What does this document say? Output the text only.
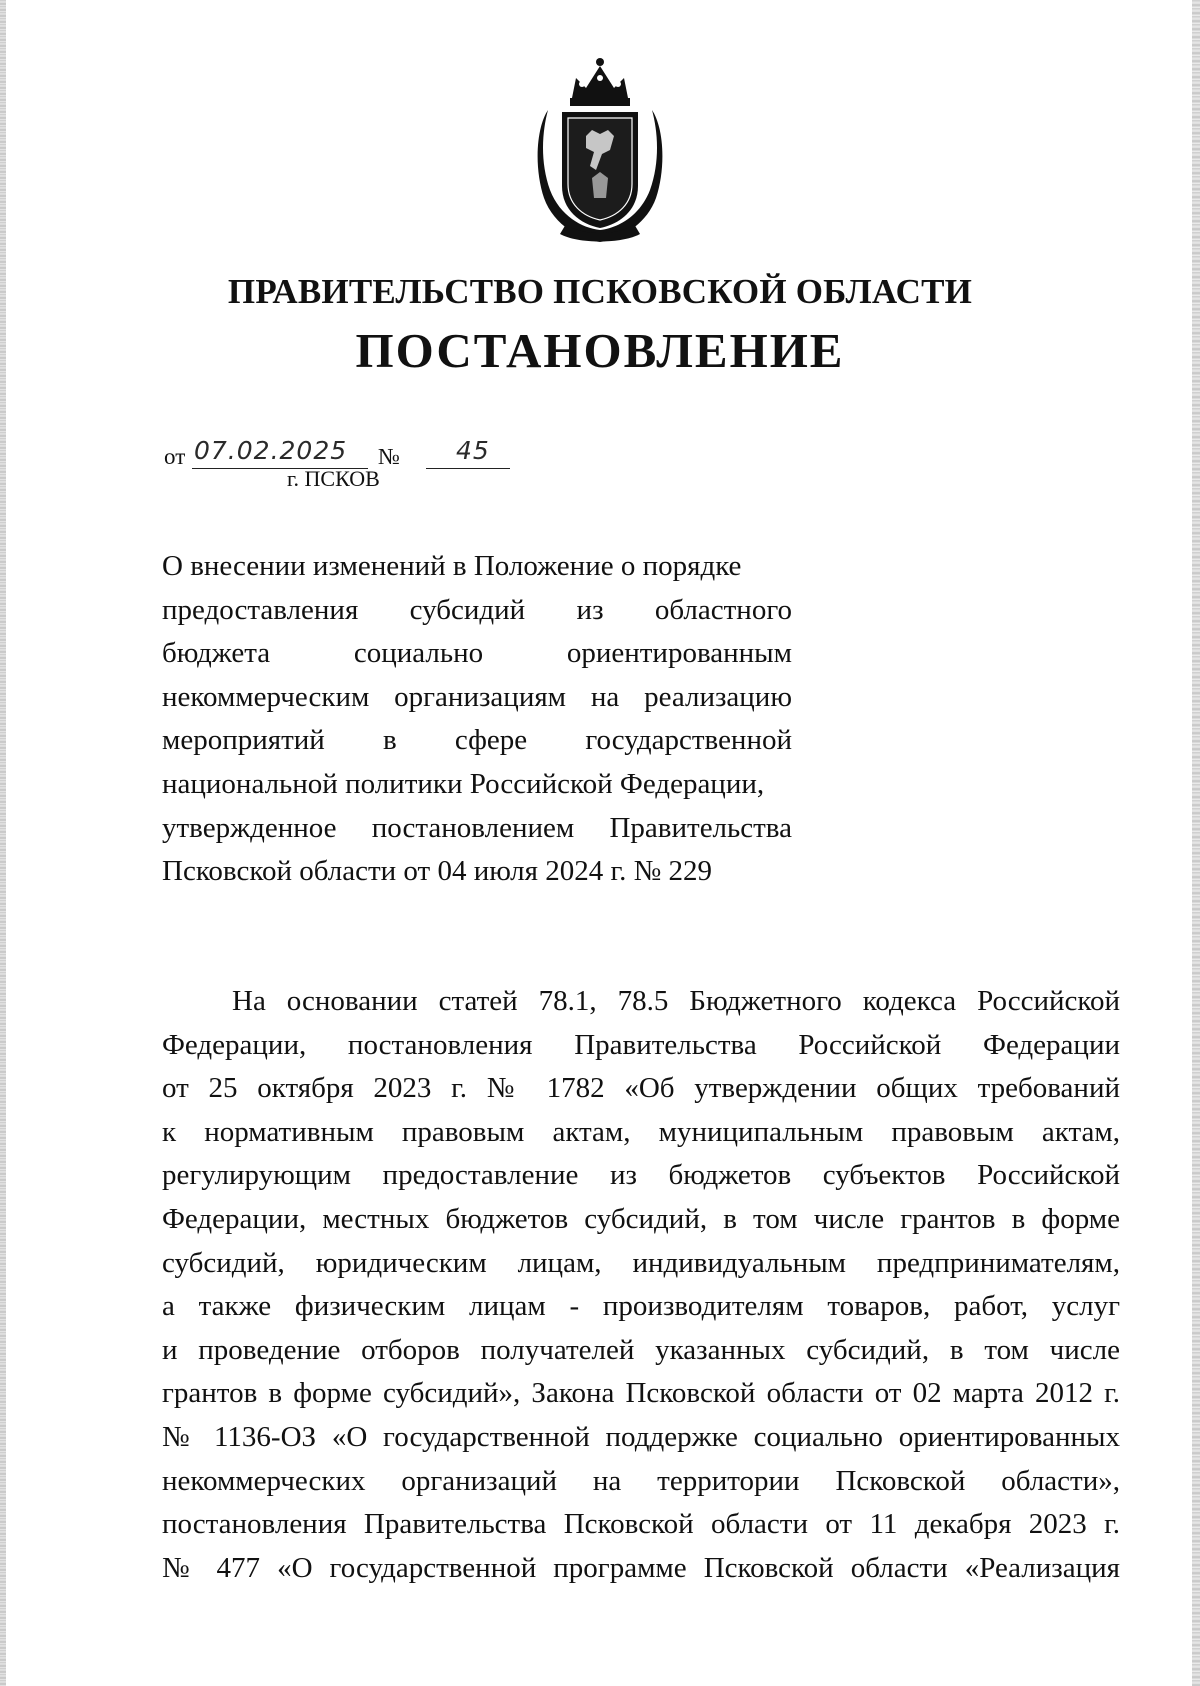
ПРАВИТЕЛЬСТВО ПСКОВСКОЙ ОБЛАСТИ
ПОСТАНОВЛЕНИЕ
от 07.02.2025 № 45
г. ПСКОВ
О внесении изменений в Положение о порядке
предоставления субсидий из областного
бюджета социально ориентированным
некоммерческим организациям на реализацию
мероприятий в сфере государственной
национальной политики Российской Федерации,
утвержденное постановлением Правительства
Псковской области от 04 июля 2024 г. № 229
На основании статей 78.1, 78.5 Бюджетного кодекса Российской
Федерации, постановления Правительства Российской Федерации
от 25 октября 2023 г. № 1782 «Об утверждении общих требований
к нормативным правовым актам, муниципальным правовым актам,
регулирующим предоставление из бюджетов субъектов Российской
Федерации, местных бюджетов субсидий, в том числе грантов в форме
субсидий, юридическим лицам, индивидуальным предпринимателям,
а также физическим лицам - производителям товаров, работ, услуг
и проведение отборов получателей указанных субсидий, в том числе
грантов в форме субсидий», Закона Псковской области от 02 марта 2012 г.
№ 1136-ОЗ «О государственной поддержке социально ориентированных
некоммерческих организаций на территории Псковской области»,
постановления Правительства Псковской области от 11 декабря 2023 г.
№ 477 «О государственной программе Псковской области «Реализация
